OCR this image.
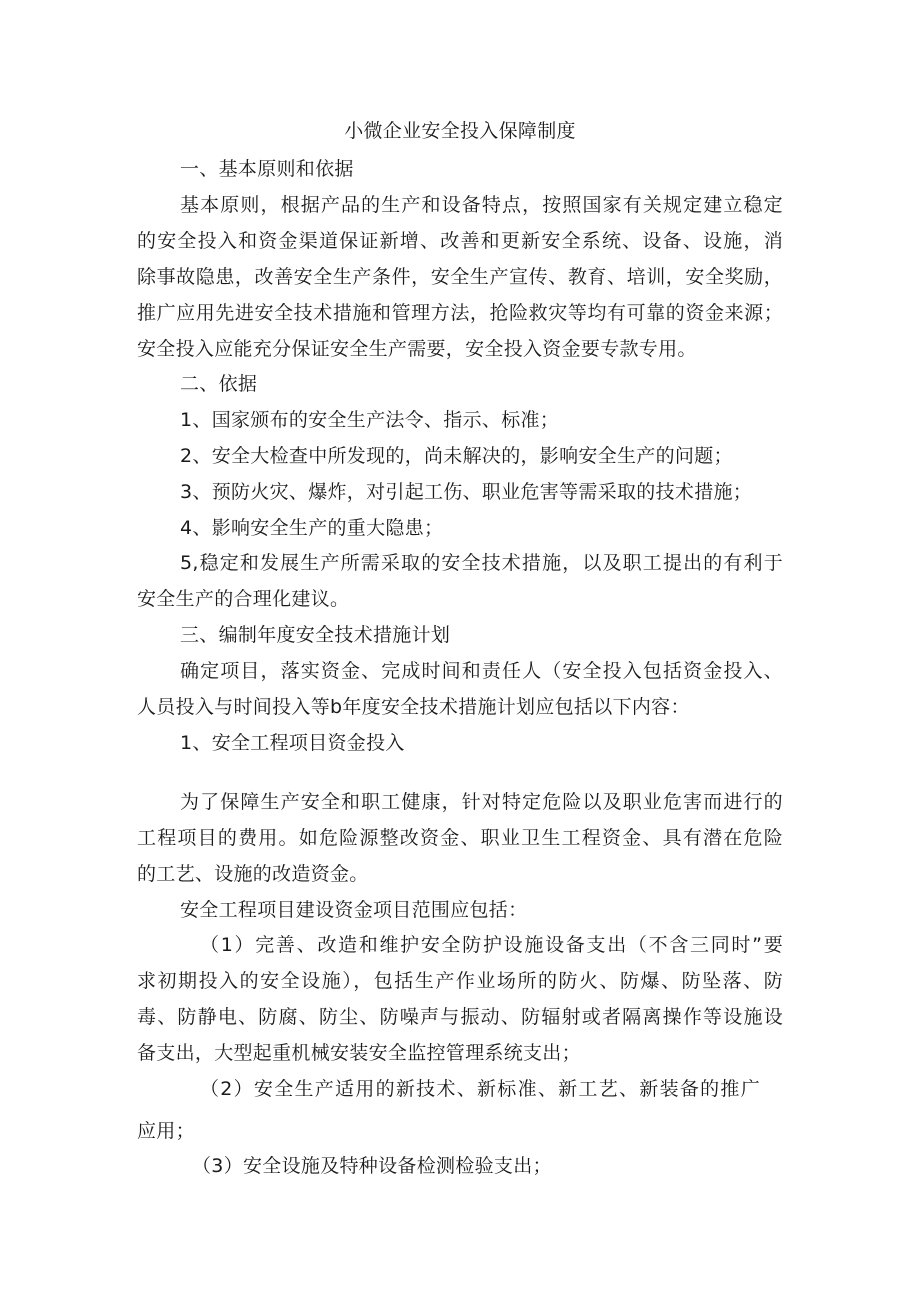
小微企业安全投入保障制度
一、基本原则和依据
基本原则，根据产品的生产和设备特点，按照国家有关规定建立稳定
的安全投入和资金渠道保证新增、改善和更新安全系统、设备、设施，消
除事故隐患，改善安全生产条件，安全生产宣传、教育、培训，安全奖励，
推广应用先进安全技术措施和管理方法，抢险救灾等均有可靠的资金来源；
安全投入应能充分保证安全生产需要，安全投入资金要专款专用。
二、依据
1、国家颁布的安全生产法令、指示、标准；
2、安全大检查中所发现的，尚未解决的，影响安全生产的问题；
3、预防火灾、爆炸，对引起工伤、职业危害等需采取的技术措施；
4、影响安全生产的重大隐患；
5,稳定和发展生产所需采取的安全技术措施，以及职工提出的有利于
安全生产的合理化建议。
三、编制年度安全技术措施计划
确定项目，落实资金、完成时间和责任人（安全投入包括资金投入、
人员投入与时间投入等b年度安全技术措施计划应包括以下内容：
1、安全工程项目资金投入
为了保障生产安全和职工健康，针对特定危险以及职业危害而进行的
工程项目的费用。如危险源整改资金、职业卫生工程资金、具有潜在危险
的工艺、设施的改造资金。
安全工程项目建设资金项目范围应包括：
（1）完善、改造和维护安全防护设施设备支出（不含三同时”要
求初期投入的安全设施），包括生产作业场所的防火、防爆、防坠落、防
毒、防静电、防腐、防尘、防噪声与振动、防辐射或者隔离操作等设施设
备支出，大型起重机械安装安全监控管理系统支出；
（2）安全生产适用的新技术、新标准、新工艺、新装备的推广
应用；
（3）安全设施及特种设备检测检验支出；
